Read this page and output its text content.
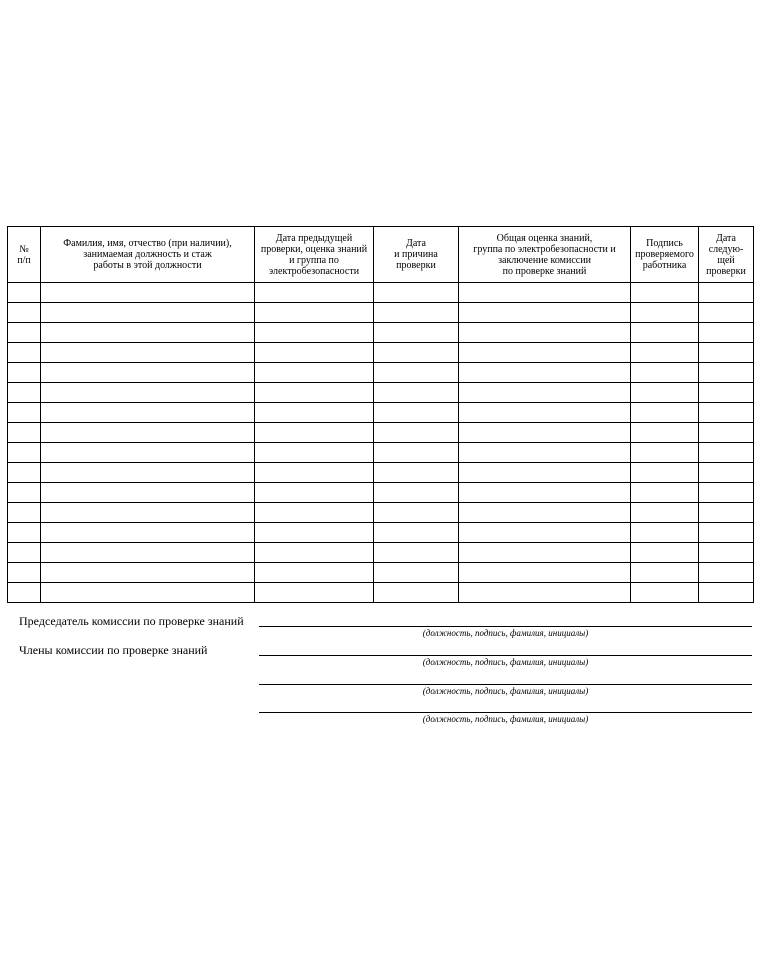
№
п/п	Фамилия, имя, отчество (при наличии),
занимаемая должность и стаж
работы в этой должности	Дата предыдущей
проверки, оценка знаний
и группа по
электробезопасности	Дата
и причина
проверки	Общая оценка знаний,
группа по электробезопасности и
заключение комиссии
по проверке знаний	Подпись
проверяемого
работника	Дата
следую-
щей
проверки

Председатель комиссии по проверке знаний
(должность, подпись, фамилия, инициалы)
Члены комиссии по проверке знаний
(должность, подпись, фамилия, инициалы)
(должность, подпись, фамилия, инициалы)
(должность, подпись, фамилия, инициалы)
